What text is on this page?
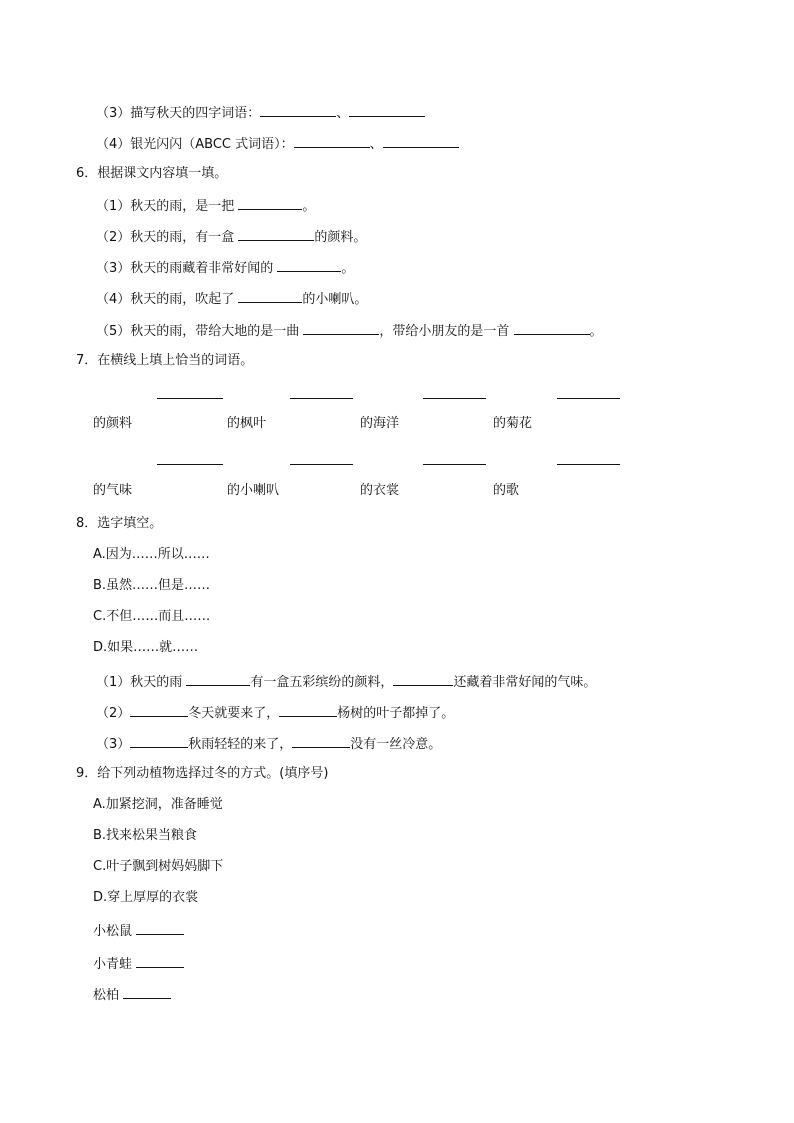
（3）描写秋天的四字词语：	、
（4）银光闪闪（ABCC 式词语）：	、
6．根据课文内容填一填。
（1）秋天的雨，是一把	。
（2）秋天的雨，有一盒	的颜料。
（3）秋天的雨藏着非常好闻的	。
（4）秋天的雨，吹起了	的小喇叭。
（5）秋天的雨，带给大地的是一曲	，带给小朋友的是一首	。
7．在横线上填上恰当的词语。
的颜料	的枫叶	的海洋	的菊花
的气味	的小喇叭	的衣裳	的歌
8．选字填空。
A.因为……所以……
B.虽然……但是……
C.不但……而且……
D.如果……就……
（1）秋天的雨	有一盒五彩缤纷的颜料，	还藏着非常好闻的气味。
（2）	冬天就要来了，	杨树的叶子都掉了。
（3）	秋雨轻轻的来了，	没有一丝冷意。
9．给下列动植物选择过冬的方式。(填序号)
A.加紧挖洞，准备睡觉
B.找来松果当粮食
C.叶子飘到树妈妈脚下
D.穿上厚厚的衣裳
小松鼠
小青蛙
松柏
